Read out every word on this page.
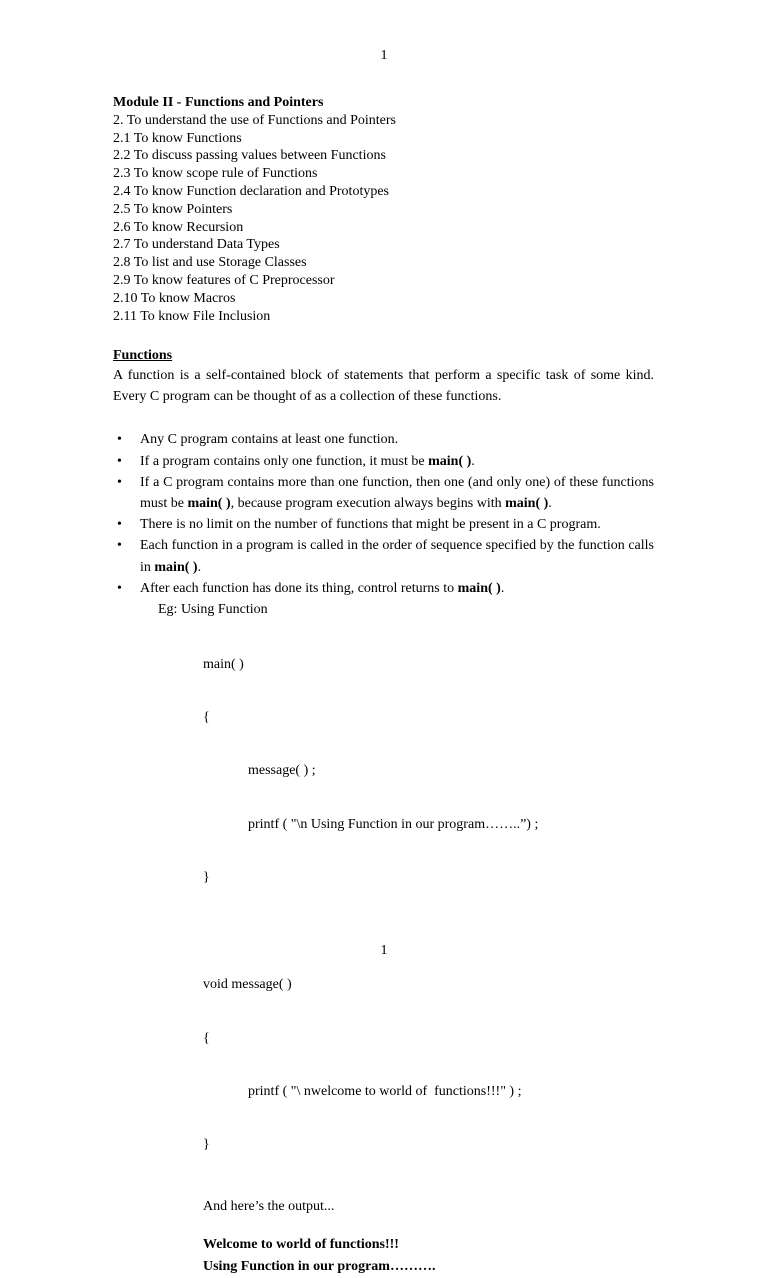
1

Module II - Functions and Pointers

2. To understand the use of Functions and Pointers
2.1 To know Functions
2.2 To discuss passing values between Functions
2.3 To know scope rule of Functions
2.4 To know Function declaration and Prototypes
2.5 To know Pointers
2.6 To know Recursion
2.7 To understand Data Types
2.8 To list and use Storage Classes
2.9 To know features of C Preprocessor
2.10 To know Macros
2.11 To know File Inclusion

Functions

A function is a self-contained block of statements that perform a specific task of some kind. Every C program can be thought of as a collection of these functions.

• Any C program contains at least one function.
• If a program contains only one function, it must be main( ).
• If a C program contains more than one function, then one (and only one) of these functions must be main( ), because program execution always begins with main( ).
• There is no limit on the number of functions that might be present in a C program.
• Each function in a program is called in the order of sequence specified by the function calls in main( ).
• After each function has done its thing, control returns to main( ).

Eg: Using Function

main( )

{

message( ) ;

printf ( "\n Using Function in our program……..”) ;

}

void message( )

{

printf ( "\ nwelcome to world of  functions!!!" ) ;

}

And here’s the output...

Welcome to world of functions!!!
Using Function in our program……….
1
